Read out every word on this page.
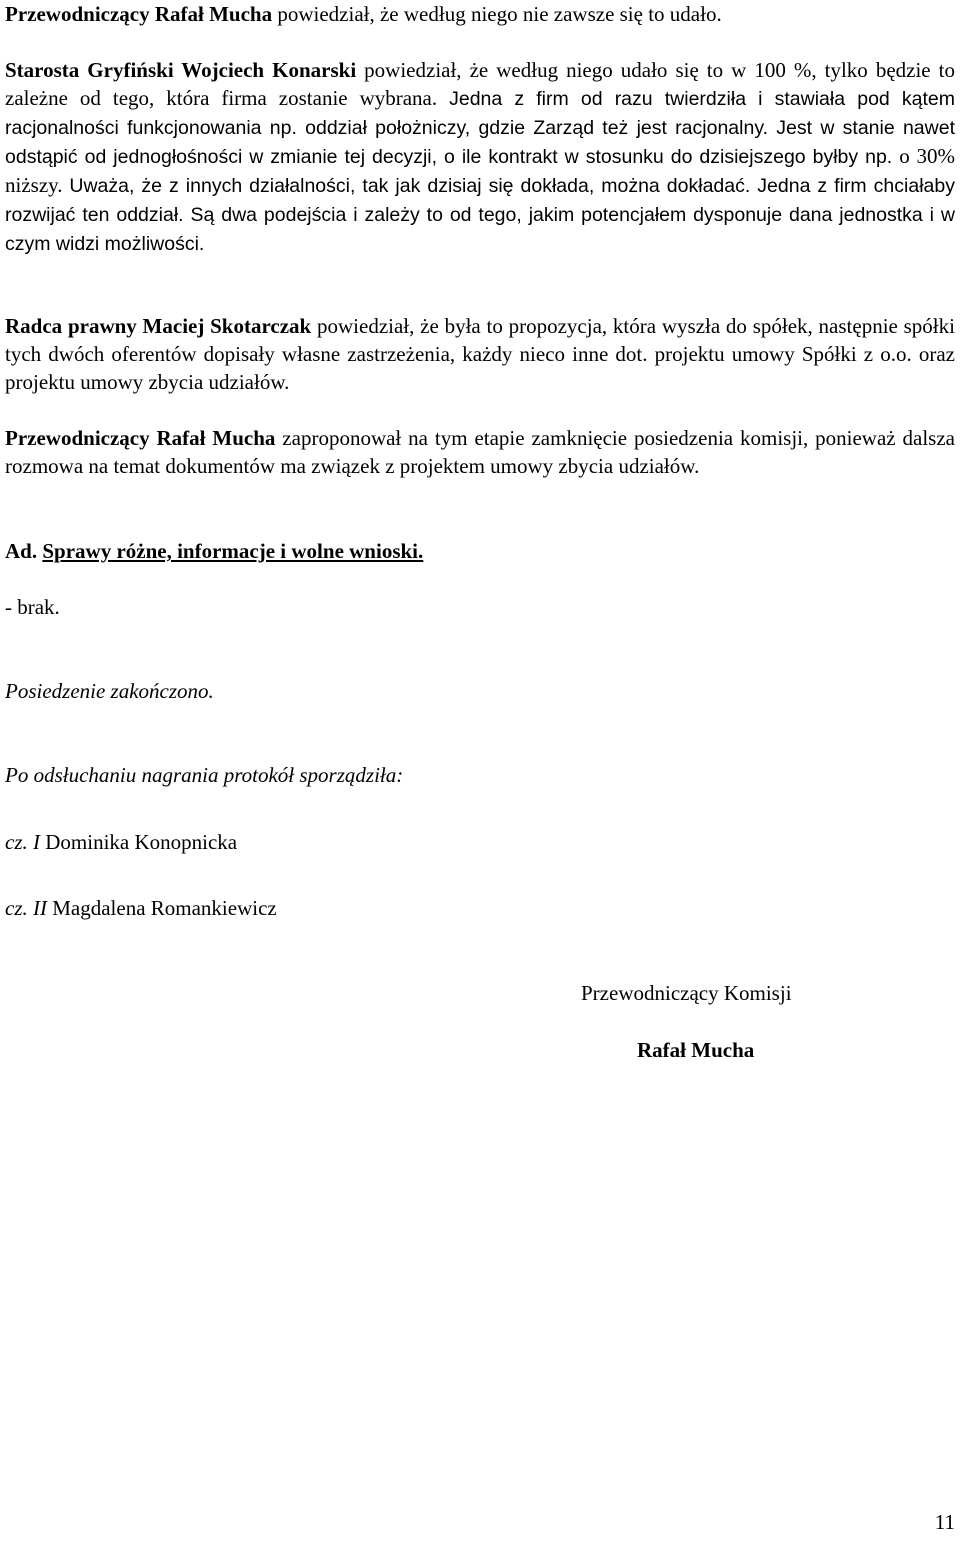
Przewodniczący Rafał Mucha powiedział, że według niego nie zawsze się to udało.
Starosta Gryfiński Wojciech Konarski powiedział, że według niego udało się to w 100 %, tylko będzie to zależne od tego, która firma zostanie wybrana. Jedna z firm od razu twierdziła i stawiała pod kątem racjonalności funkcjonowania np. oddział położniczy, gdzie Zarząd też jest racjonalny. Jest w stanie nawet odstąpić od jednogłośności w zmianie tej decyzji, o ile kontrakt w stosunku do dzisiejszego byłby np. o 30% niższy. Uważa, że z innych działalności, tak jak dzisiaj się dokłada, można dokładać. Jedna z firm chciałaby rozwijać ten oddział. Są dwa podejścia i zależy to od tego, jakim potencjałem dysponuje dana jednostka i w czym widzi możliwości.
Radca prawny Maciej Skotarczak powiedział, że była to propozycja, która wyszła do spółek, następnie spółki tych dwóch oferentów dopisały własne zastrzeżenia, każdy nieco inne dot. projektu umowy Spółki z o.o. oraz projektu umowy zbycia udziałów.
Przewodniczący Rafał Mucha zaproponował na tym etapie zamknięcie posiedzenia komisji, ponieważ dalsza rozmowa na temat dokumentów ma związek z projektem umowy zbycia udziałów.
Ad. Sprawy różne, informacje i wolne wnioski.
- brak.
Posiedzenie zakończono.
Po odsłuchaniu nagrania protokół sporządziła:
cz. I Dominika Konopnicka
cz. II Magdalena Romankiewicz
Przewodniczący Komisji
Rafał Mucha
11
